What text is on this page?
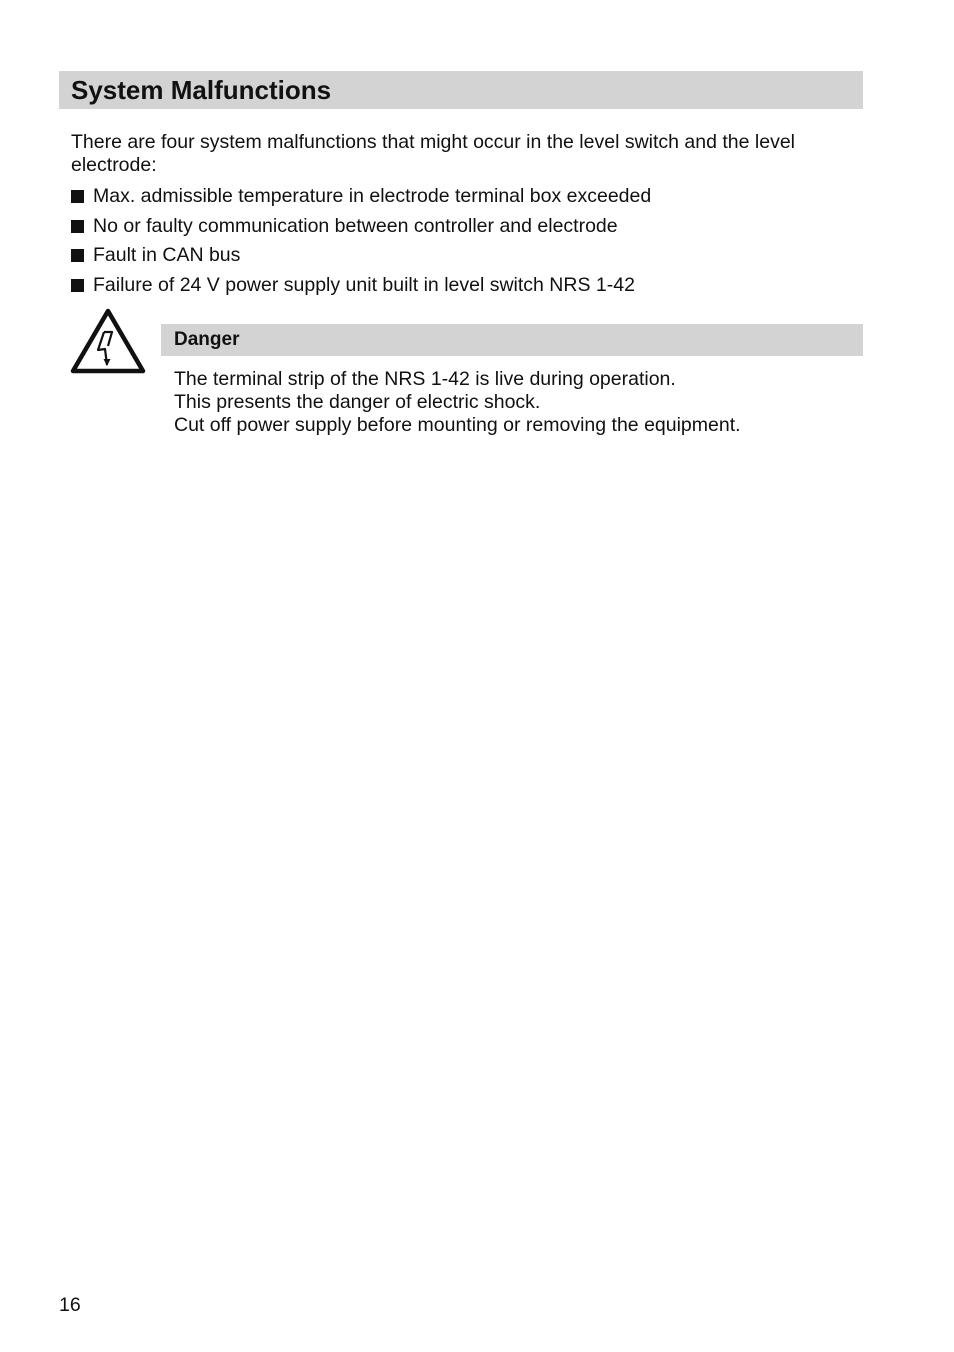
System Malfunctions

There are four system malfunctions that might occur in the level switch and the level electrode:

Max. admissible temperature in electrode terminal box exceeded
No or faulty communication between controller and electrode
Fault in CAN bus
Failure of 24 V power supply unit built in level switch NRS 1-42
Danger

The terminal strip of the NRS 1-42 is live during operation.

This presents the danger of electric shock.

Cut off power supply before mounting or removing the equipment.

16
